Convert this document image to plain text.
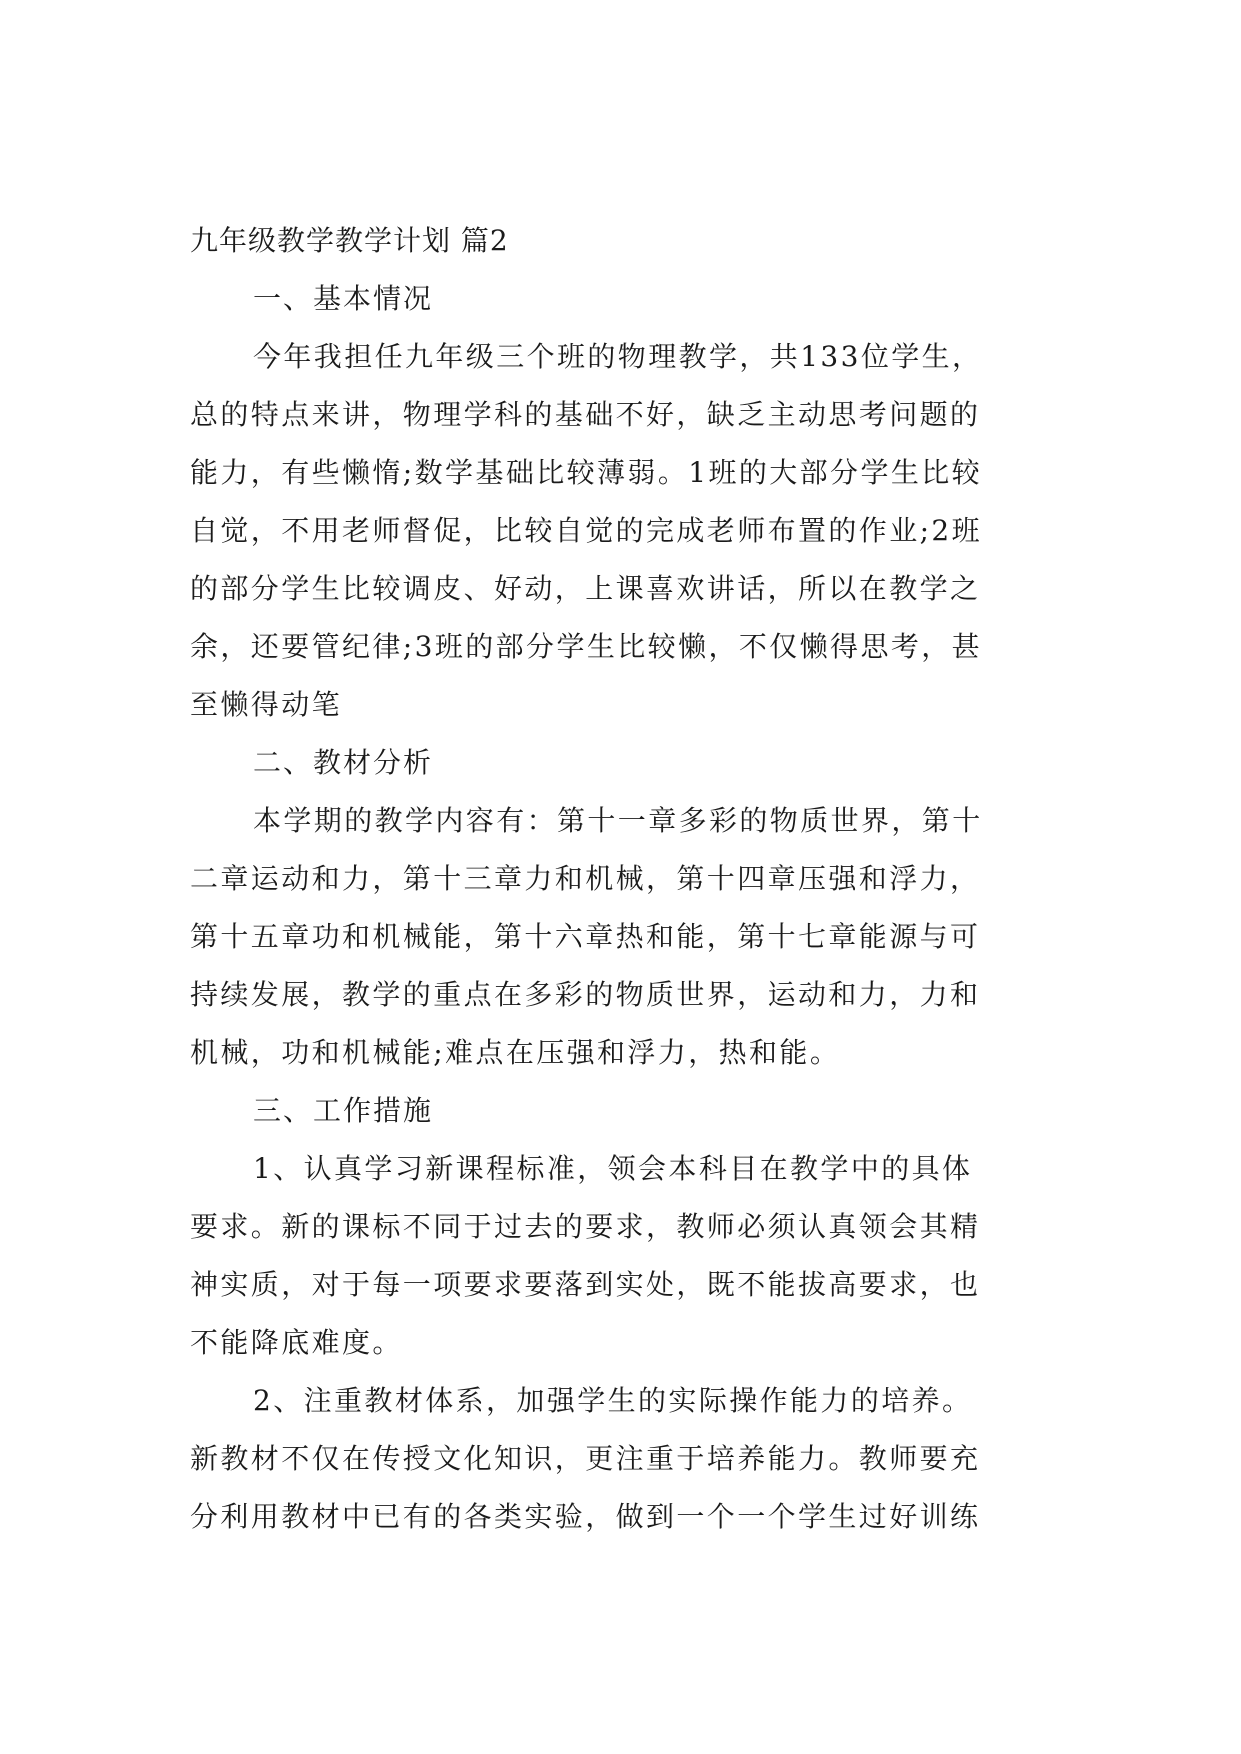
九年级教学教学计划 篇2

一、基本情况

今年我担任九年级三个班的物理教学，共133位学生，

总的特点来讲，物理学科的基础不好，缺乏主动思考问题的

能力，有些懒惰;数学基础比较薄弱。1班的大部分学生比较

自觉，不用老师督促，比较自觉的完成老师布置的作业;2班

的部分学生比较调皮、好动，上课喜欢讲话，所以在教学之

余，还要管纪律;3班的部分学生比较懒，不仅懒得思考，甚

至懒得动笔

二、教材分析

本学期的教学内容有：第十一章多彩的物质世界，第十

二章运动和力，第十三章力和机械，第十四章压强和浮力，

第十五章功和机械能，第十六章热和能，第十七章能源与可

持续发展，教学的重点在多彩的物质世界，运动和力，力和

机械，功和机械能;难点在压强和浮力，热和能。

三、工作措施

1、认真学习新课程标准，领会本科目在教学中的具体

要求。新的课标不同于过去的要求，教师必须认真领会其精

神实质，对于每一项要求要落到实处，既不能拔高要求，也

不能降底难度。

2、注重教材体系，加强学生的实际操作能力的培养。

新教材不仅在传授文化知识，更注重于培养能力。教师要充

分利用教材中已有的各类实验，做到一个一个学生过好训练
